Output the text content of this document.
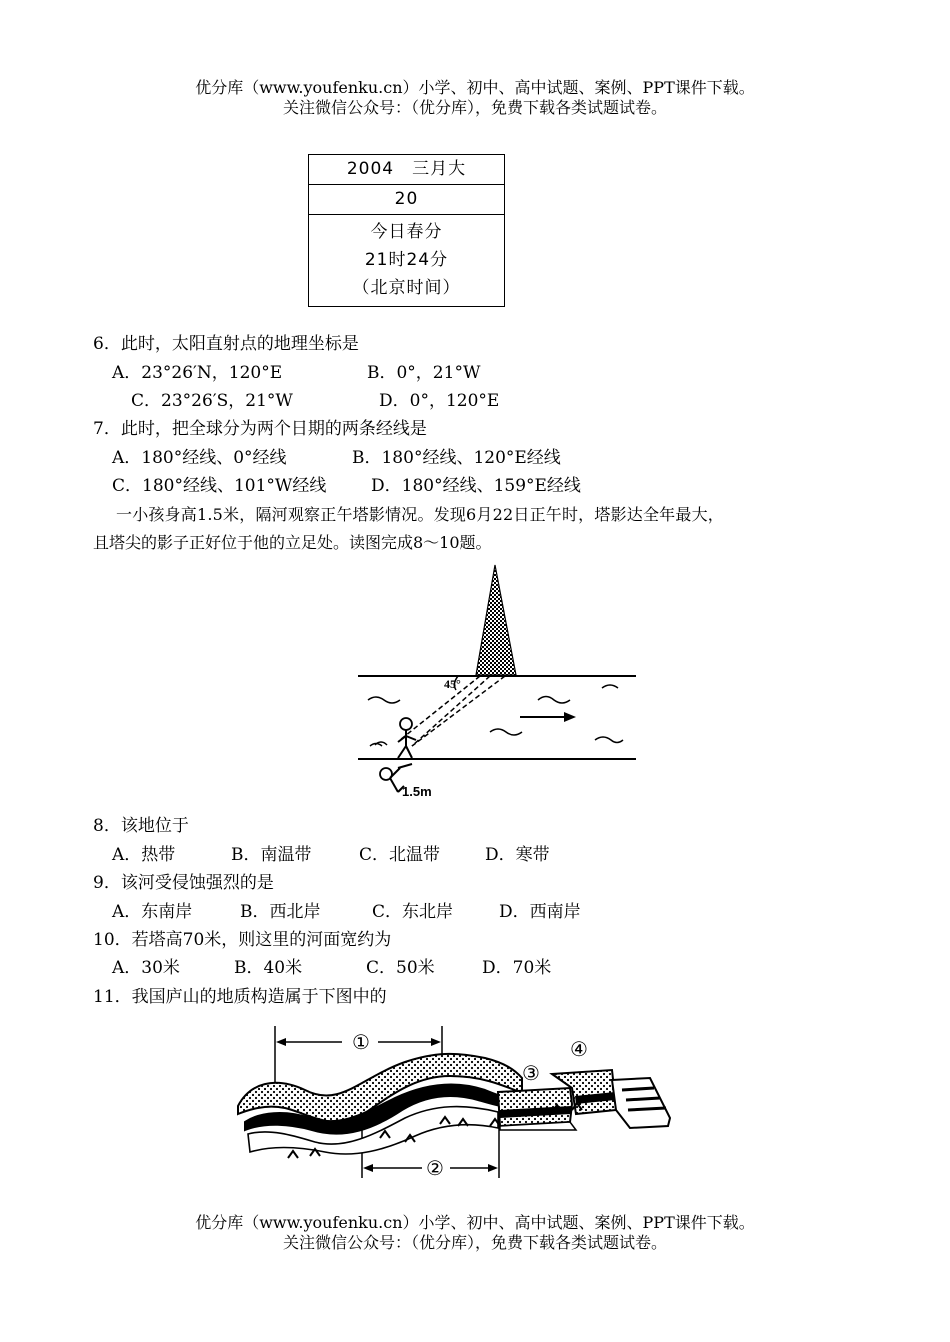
优分库（www.youfenku.cn）小学、初中、高中试题、案例、PPT课件下载。
关注微信公众号：（优分库），免费下载各类试题试卷。
2004　三月大
20
今日春分
21时24分
（北京时间）
6．此时，太阳直射点的地理坐标是
A．23°26′N，120°E	B．0°，21°W
C．23°26′S，21°W	D．0°，120°E
7．此时，把全球分为两个日期的两条经线是
A．180°经线、0°经线	B．180°经线、120°E经线
C．180°经线、101°W经线	D．180°经线、159°E经线
一小孩身高1.5米，隔河观察正午塔影情况。发现6月22日正午时，塔影达全年最大，
且塔尖的影子正好位于他的立足处。读图完成8～10题。
45°
1.5m
8．该地位于
A．热带	B．南温带	C．北温带	D．寒带
9．该河受侵蚀强烈的是
A．东南岸	B．西北岸	C．东北岸	D．西南岸
10．若塔高70米，则这里的河面宽约为
A．30米	B．40米	C．50米	D．70米
11．我国庐山的地质构造属于下图中的
①
②
③
④
优分库（www.youfenku.cn）小学、初中、高中试题、案例、PPT课件下载。
关注微信公众号：（优分库），免费下载各类试题试卷。
